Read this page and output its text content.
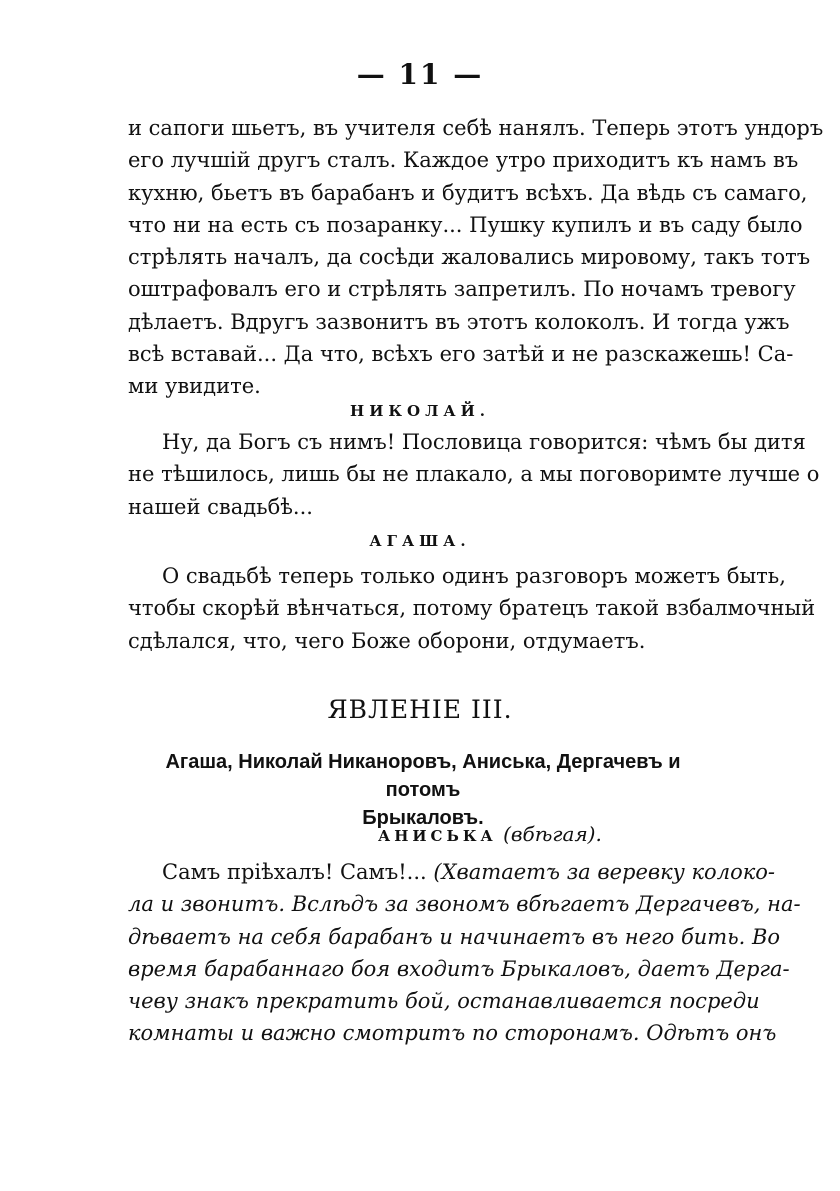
— 11 —
и сапоги шьетъ, въ учителя себѣ нанялъ. Теперь этотъ ундоръ
его лучшій другъ сталъ. Каждое утро приходитъ къ намъ въ
кухню, бьетъ въ барабанъ и будитъ всѣхъ. Да вѣдь съ самаго,
что ни на есть съ позаранку... Пушку купилъ и въ саду было
стрѣлять началъ, да сосѣди жаловались мировому, такъ тотъ
оштрафовалъ его и стрѣлять запретилъ. По ночамъ тревогу
дѣлаетъ. Вдругъ зазвонитъ въ этотъ колоколъ. И тогда ужъ
всѣ вставай... Да что, всѣхъ его затѣй и не разскажешь! Са-
ми увидите.
НИКОЛАЙ.
Ну, да Богъ съ нимъ! Пословица говорится: чѣмъ бы дитя
не тѣшилось, лишь бы не плакало, а мы поговоримте лучше о
нашей свадьбѣ...
АГАША.
О свадьбѣ теперь только одинъ разговоръ можетъ быть,
чтобы скорѣй вѣнчаться, потому братецъ такой взбалмочный
сдѣлался, что, чего Боже оборони, отдумаетъ.
ЯВЛЕНІЕ III.
Агаша, Николай Никаноровъ, Аниська, Дергачевъ и потомъ
Брыкаловъ.
АНИСЬКА (вбѣгая).
Самъ пріѣхалъ! Самъ!... (Хватаетъ за веревку колоко-
ла и звонитъ. Вслѣдъ за звономъ вбѣгаетъ Дергачевъ, на-
дѣваетъ на себя барабанъ и начинаетъ въ него бить. Во
время барабаннаго боя входитъ Брыкаловъ, даетъ Дерга-
чеву знакъ прекратить бой, останавливается посреди
комнаты и важно смотритъ по сторонамъ. Одѣтъ онъ
